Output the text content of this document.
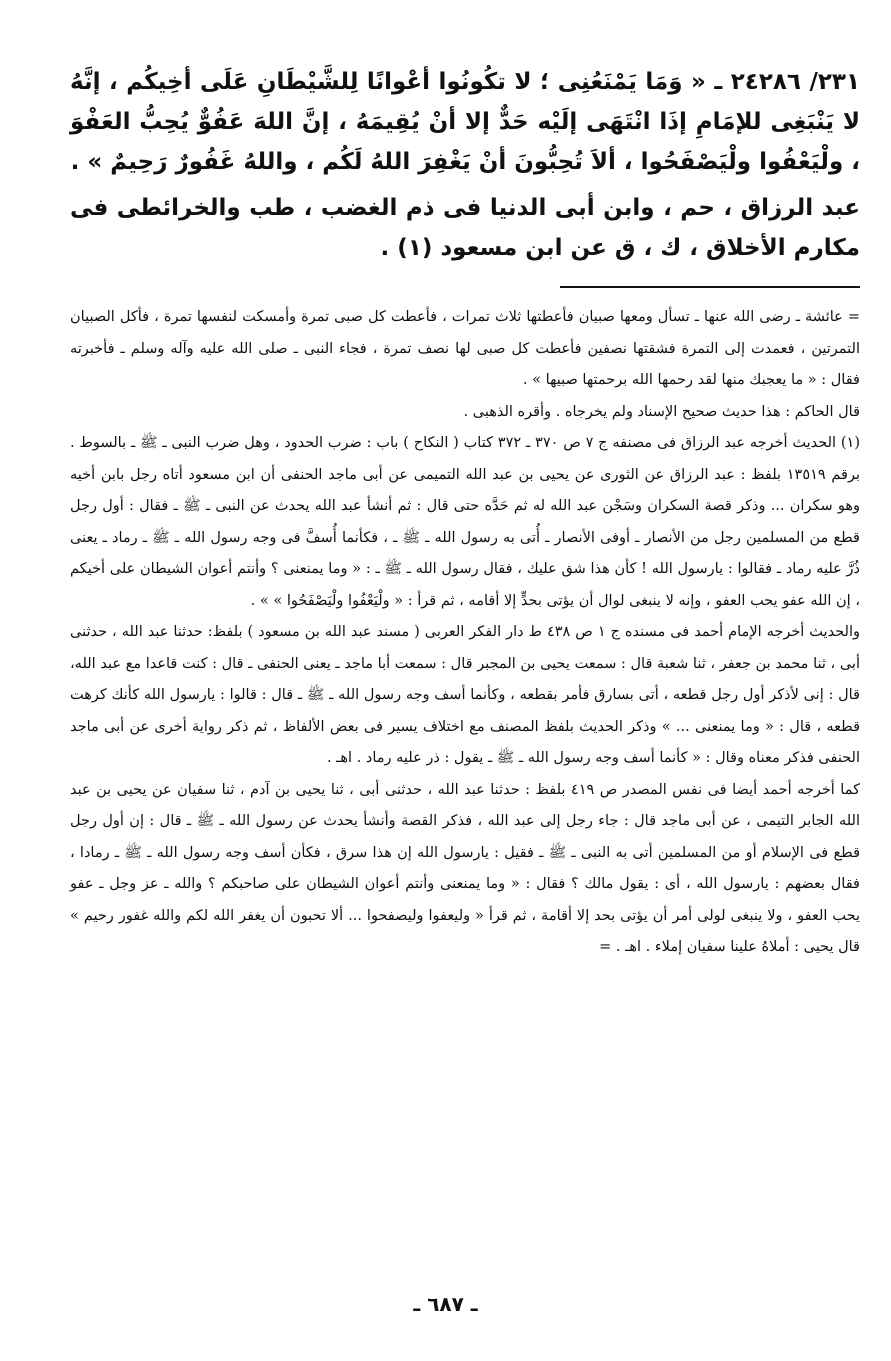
٢٣١/ ٢٤٢٨٦ ـ « وَمَا يَمْنَعُنِى ؛ لا تكُونُوا أعْوانًا لِلشَّيْطَانِ عَلَى أخِيكُم ، إنَّهُ لا يَنْبَغِى للإمَامِ إذَا انْتَهَى إلَيْه حَدٌّ إلا أنْ يُقِيمَهُ ، إنَّ اللهَ عَفُوٌّ يُحِبُّ العَفْوَ ، ولْيَعْفُوا ولْيَصْفَحُوا ، ألاَ تُحِبُّونَ أنْ يَغْفِرَ اللهُ لَكُم ، واللهُ غَفُورٌ رَحِيمٌ » .

عبد الرزاق ، حم ، وابن أبى الدنيا فى ذم الغضب ، طب والخرائطى فى مكارم الأخلاق ، ك ، ق عن ابن مسعود (١) .

= عائشة ـ رضى الله عنها ـ تسأل ومعها صبيان فأعطتها ثلاث تمرات ، فأعطت كل صبى تمرة وأمسكت لنفسها تمرة ، فأكل الصبيان التمرتين ، فعمدت إلى التمرة فشقتها نصفين فأعطت كل صبى لها نصف تمرة ، فجاء النبى ـ صلى الله عليه وآله وسلم ـ فأخبرته فقال : « ما يعجبك منها لقد رحمها الله برحمتها صبيها » .

قال الحاكم : هذا حديث صحيح الإسناد ولم يخرجاه . وأقره الذهبى .

(١) الحديث أخرجه عبد الرزاق فى مصنفه ج ٧ ص ٣٧٠ ـ ٣٧٢ كتاب ( النكاح ) باب : ضرب الحدود ، وهل ضرب النبى ـ ﷺ ـ بالسوط . برقم ١٣٥١٩ بلفظ : عبد الرزاق عن الثورى عن يحيى بن عبد الله التميمى عن أبى ماجد الحنفى أن ابن مسعود أتاه رجل بابن أخيه وهو سكران ... وذكر قصة السكران وسَجْن عبد الله له ثم حَدَّه حتى قال : ثم أنشأ عبد الله يحدث عن النبى ـ ﷺ ـ فقال : أول رجل قطع من المسلمين رجل من الأنصار ـ أوفى الأنصار ـ أُتى به رسول الله ـ ﷺ ـ ، فكأنما أُسفَّ فى وجه رسول الله ـ ﷺ ـ رماد ـ يعنى ذُرَّ عليه رماد ـ فقالوا : يارسول الله ! كأن هذا شق عليك ، فقال رسول الله ـ ﷺ ـ : « وما يمنعنى ؟ وأنتم أعوان الشيطان على أخيكم ، إن الله عفو يحب العفو ، وإنه لا ينبغى لوال أن يؤتى بحدٍّ إلا أقامه ، ثم قرأ : « ولْيَعْفُوا ولْيَصْفَحُوا » » .

والحديث أخرجه الإمام أحمد فى مسنده ج ١ ص ٤٣٨ ط دار الفكر العربى ( مسند عبد الله بن مسعود ) بلفظ: حدثنا عبد الله ، حدثنى أبى ، ثنا محمد بن جعفر ، ثنا شعبة قال : سمعت يحيى بن المجبر قال : سمعت أبا ماجد ـ يعنى الحنفى ـ قال : كنت قاعدا مع عبد الله، قال : إنى لأذكر أول رجل قطعه ، أتى بسارق فأمر بقطعه ، وكأنما أسف وجه رسول الله ـ ﷺ ـ قال : قالوا : يارسول الله كأنك كرهت قطعه ، قال : « وما يمنعنى ... » وذكر الحديث بلفظ المصنف مع اختلاف يسير فى بعض الألفاظ ، ثم ذكر رواية أخرى عن أبى ماجد الحنفى فذكر معناه وقال : « كأنما أسف وجه رسول الله ـ ﷺ ـ يقول : ذر عليه رماد . اهـ .

كما أخرجه أحمد أيضا فى نفس المصدر ص ٤١٩ بلفظ : حدثنا عبد الله ، حدثنى أبى ، ثنا يحيى بن آدم ، ثنا سفيان عن يحيى بن عبد الله الجابر التيمى ، عن أبى ماجد قال : جاء رجل إلى عبد الله ، فذكر القصة وأنشأ يحدث عن رسول الله ـ ﷺ ـ قال : إن أول رجل قطع فى الإسلام أو من المسلمين أتى به النبى ـ ﷺ ـ فقيل : يارسول الله إن هذا سرق ، فكأن أسف وجه رسول الله ـ ﷺ ـ رمادا ، فقال بعضهم : يارسول الله ، أى : يقول مالك ؟ فقال : « وما يمنعنى وأنتم أعوان الشيطان على صاحبكم ؟ والله ـ عز وجل ـ عفو يحب العفو ، ولا ينبغى لولى أمر أن يؤتى بحد إلا أقامة ، ثم قرأ « وليعفوا وليصفحوا ... ألا تحبون أن يغفر الله لكم والله غفور رحيم » قال يحيى : أملاهُ علينا سفيان إملاء . اهـ . =

ـ ٦٨٧ ـ
